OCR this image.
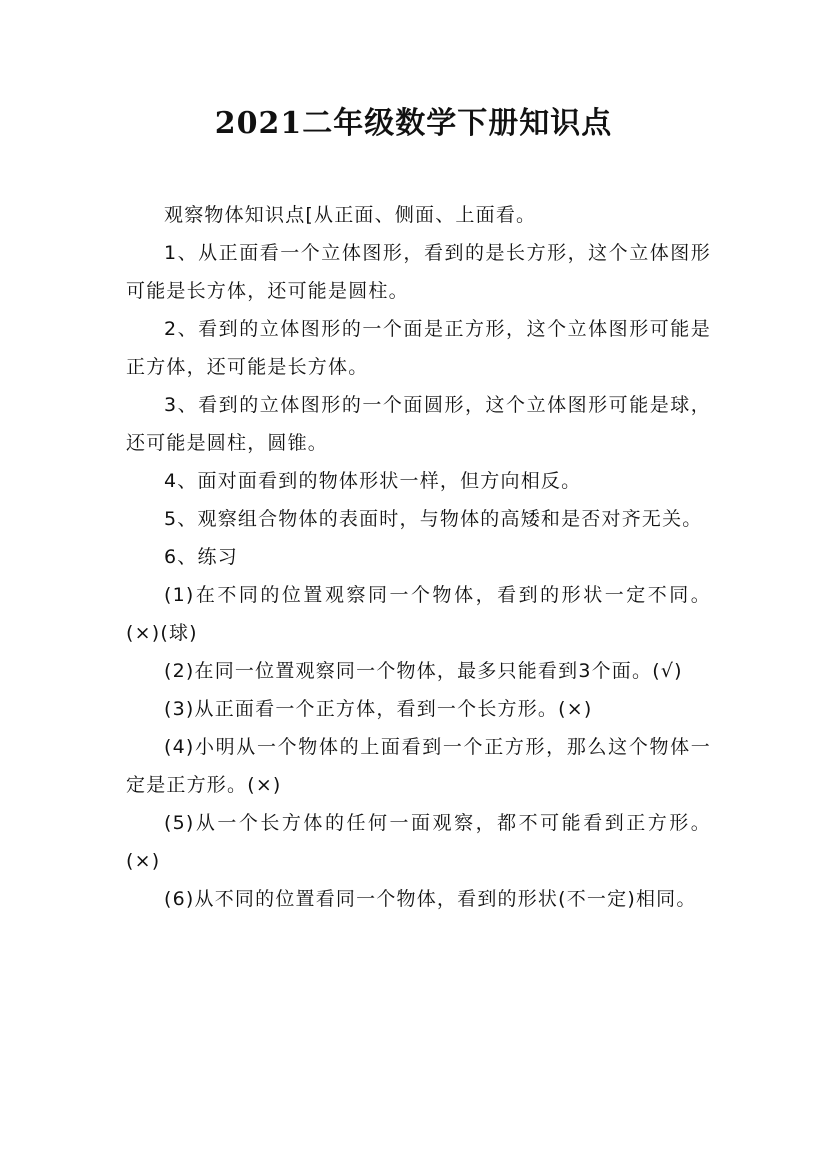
2021二年级数学下册知识点

观察物体知识点[从正面、侧面、上面看。

1、从正面看一个立体图形，看到的是长方形，这个立体图形可能是长方体，还可能是圆柱。

2、看到的立体图形的一个面是正方形，这个立体图形可能是正方体，还可能是长方体。

3、看到的立体图形的一个面圆形，这个立体图形可能是球，还可能是圆柱，圆锥。

4、面对面看到的物体形状一样，但方向相反。

5、观察组合物体的表面时，与物体的高矮和是否对齐无关。

6、练习

(1)在不同的位置观察同一个物体，看到的形状一定不同。(×)(球)

(2)在同一位置观察同一个物体，最多只能看到3个面。(√)

(3)从正面看一个正方体，看到一个长方形。(×)

(4)小明从一个物体的上面看到一个正方形，那么这个物体一定是正方形。(×)

(5)从一个长方体的任何一面观察，都不可能看到正方形。(×)

(6)从不同的位置看同一个物体，看到的形状(不一定)相同。
